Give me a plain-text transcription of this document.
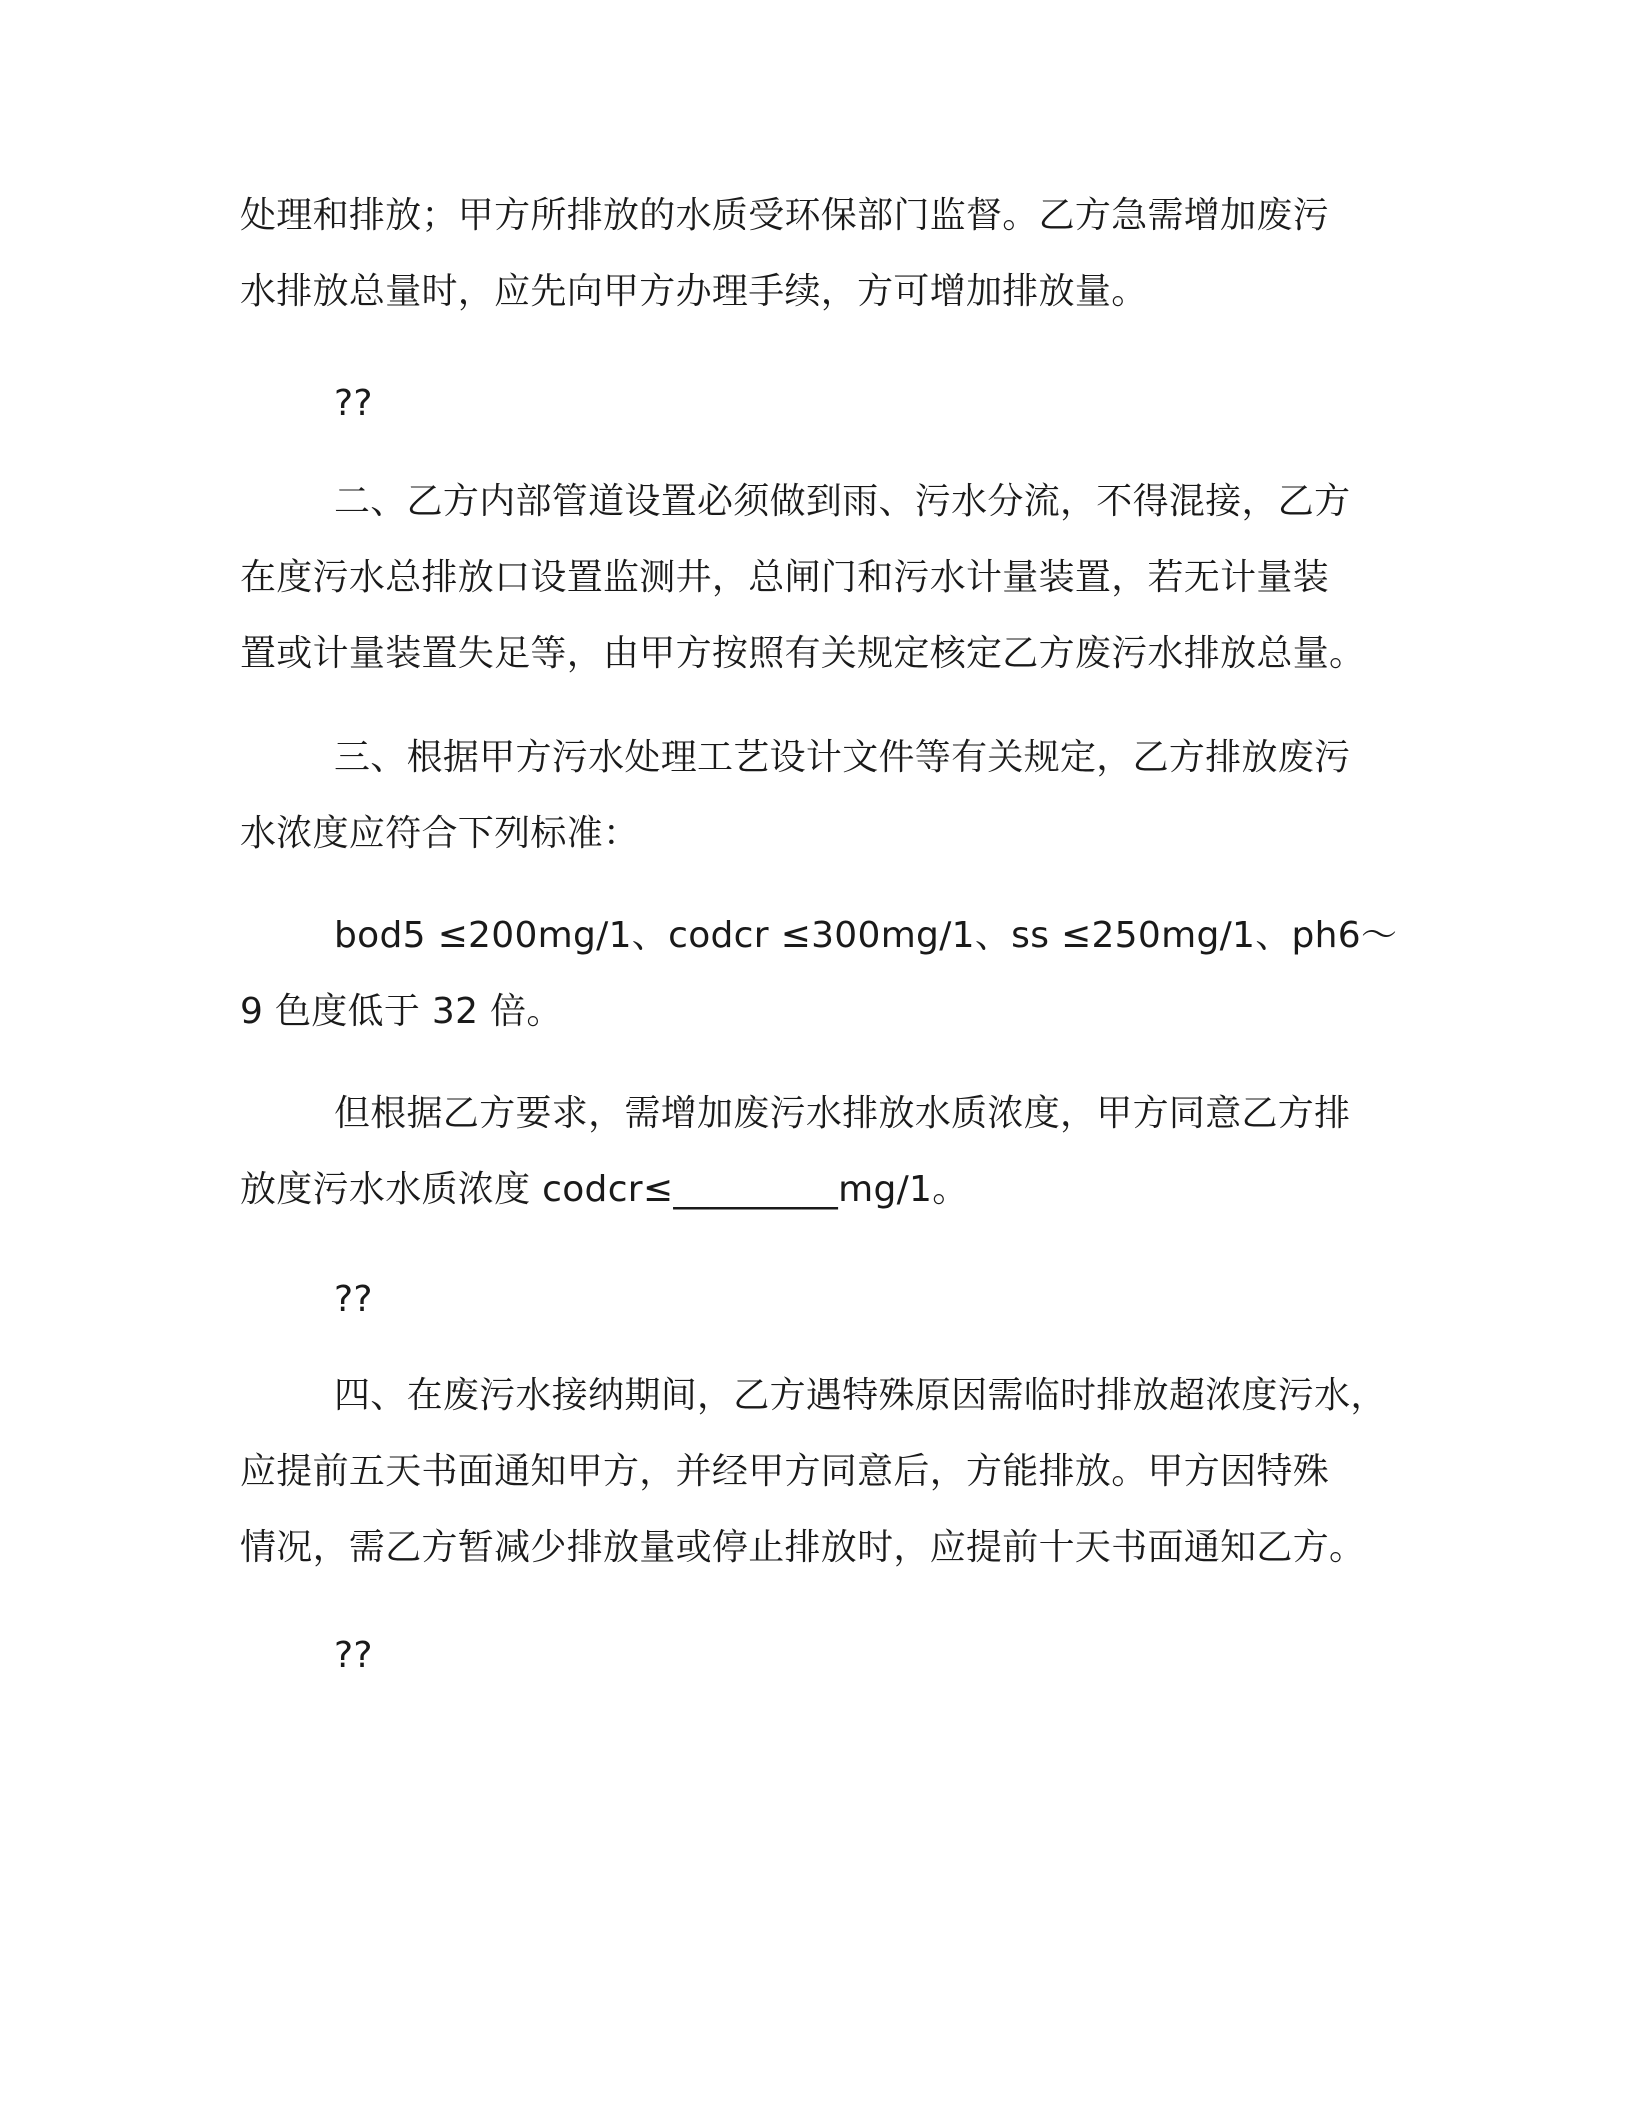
处理和排放；甲方所排放的水质受环保部门监督。乙方急需增加废污
水排放总量时，应先向甲方办理手续，方可增加排放量。
??
二、乙方内部管道设置必须做到雨、污水分流，不得混接，乙方
在度污水总排放口设置监测井，总闸门和污水计量装置，若无计量装
置或计量装置失足等，由甲方按照有关规定核定乙方废污水排放总量。
三、根据甲方污水处理工艺设计文件等有关规定，乙方排放废污
水浓度应符合下列标准：
bod5 ≤200mg/1、codcr ≤300mg/1、ss ≤250mg/1、ph6～
9 色度低于 32 倍。
但根据乙方要求，需增加废污水排放水质浓度，甲方同意乙方排
放度污水水质浓度 codcr≤_________mg/1。
??
四、在废污水接纳期间，乙方遇特殊原因需临时排放超浓度污水，
应提前五天书面通知甲方，并经甲方同意后，方能排放。甲方因特殊
情况，需乙方暂减少排放量或停止排放时，应提前十天书面通知乙方。
??
